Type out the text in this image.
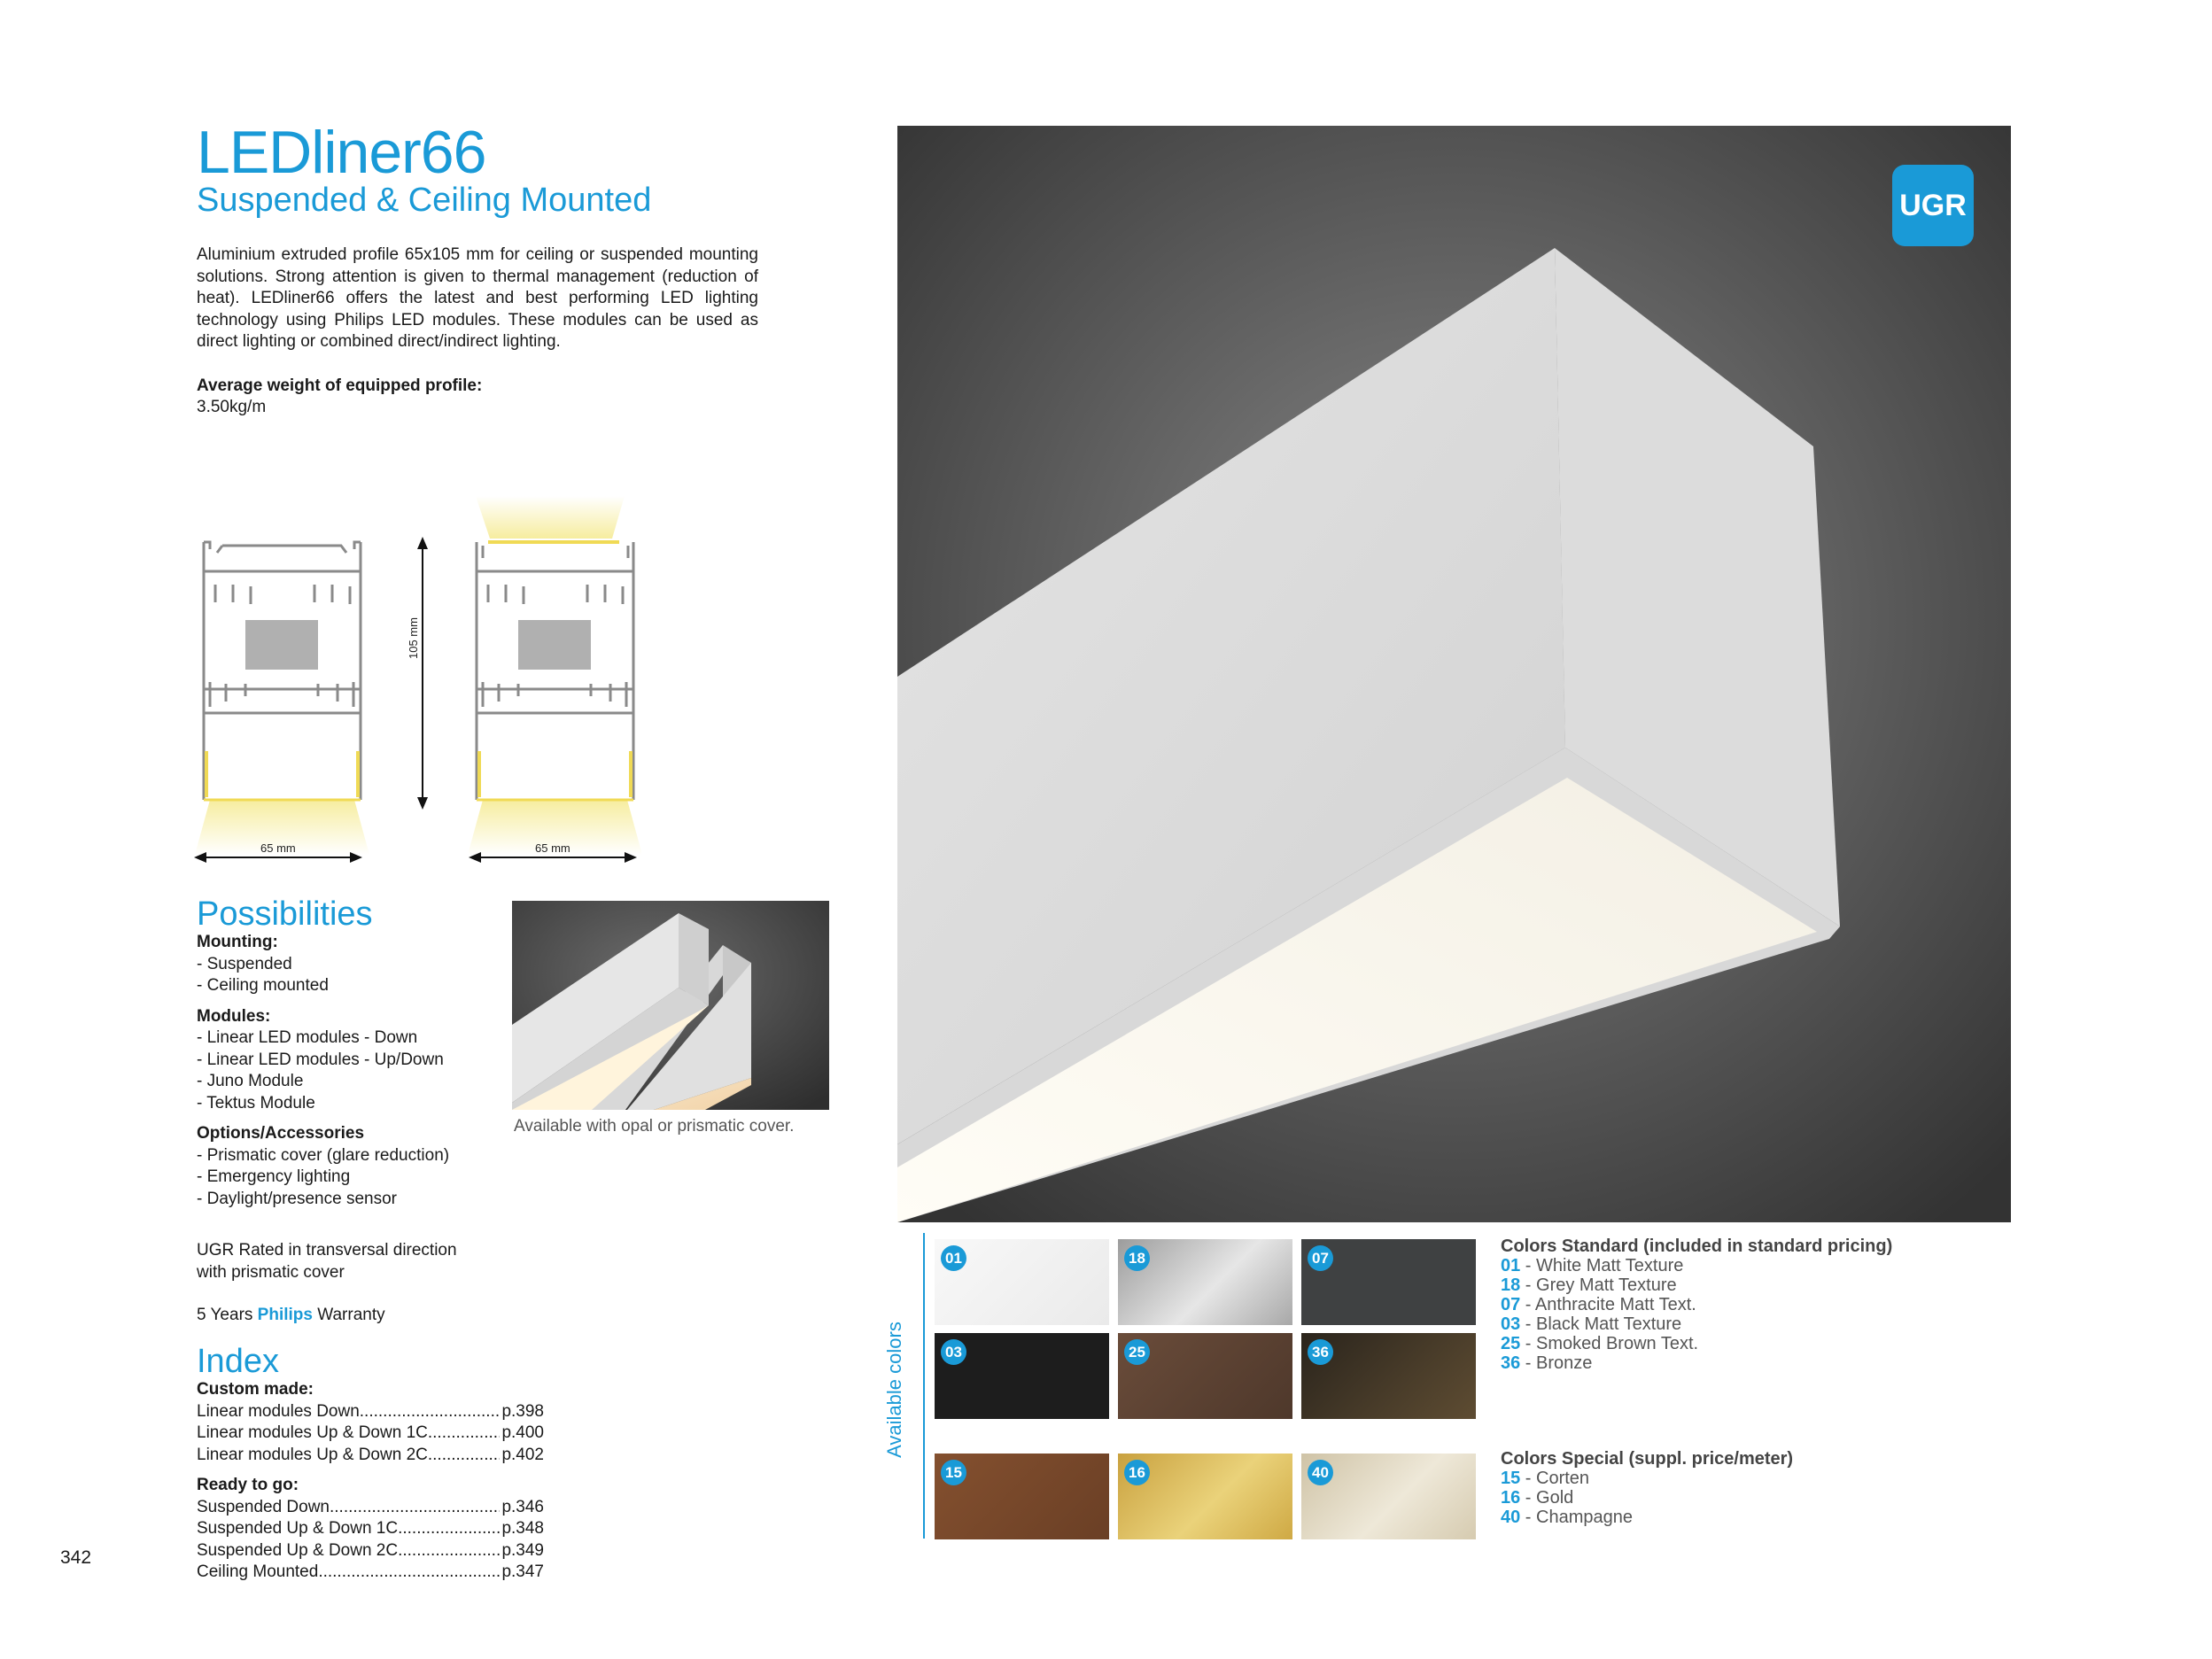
LEDliner66
Suspended & Ceiling Mounted
Aluminium extruded profile 65x105 mm for ceiling or suspended mounting solutions. Strong attention is given to thermal management (reduction of heat). LEDliner66 offers the latest and best performing LED lighting technology using Philips LED modules. These modules can be used as direct lighting or combined direct/indirect lighting.
Average weight of equipped profile:
3.50kg/m
105 mm
65 mm	65 mm
Possibilities
Mounting:
- Suspended
- Ceiling mounted
Modules:
- Linear LED modules - Down
- Linear LED modules - Up/Down
- Juno Module
- Tektus Module
Options/Accessories
- Prismatic cover (glare reduction)
- Emergency lighting
- Daylight/presence sensor
UGR Rated in transversal direction
with prismatic cover
5 Years Philips Warranty
Available with opal or prismatic cover.
Index
Custom made:
Linear modules Down .....	p.398
Linear modules Up & Down 1C .....	p.400
Linear modules Up & Down 2C .....	p.402
Ready to go:
Suspended Down .....	p.346
Suspended Up & Down 1C .....	p.348
Suspended Up & Down 2C .....	p.349
Ceiling Mounted .....	p.347
342
UGR
Available colors
01	18	07
03	25	36
15	16	40
Colors Standard (included in standard pricing)
01 - White Matt Texture
18 - Grey Matt Texture
07 - Anthracite Matt Text.
03 - Black Matt Texture
25 - Smoked Brown Text.
36 - Bronze
Colors Special (suppl. price/meter)
15 - Corten
16 - Gold
40 - Champagne
